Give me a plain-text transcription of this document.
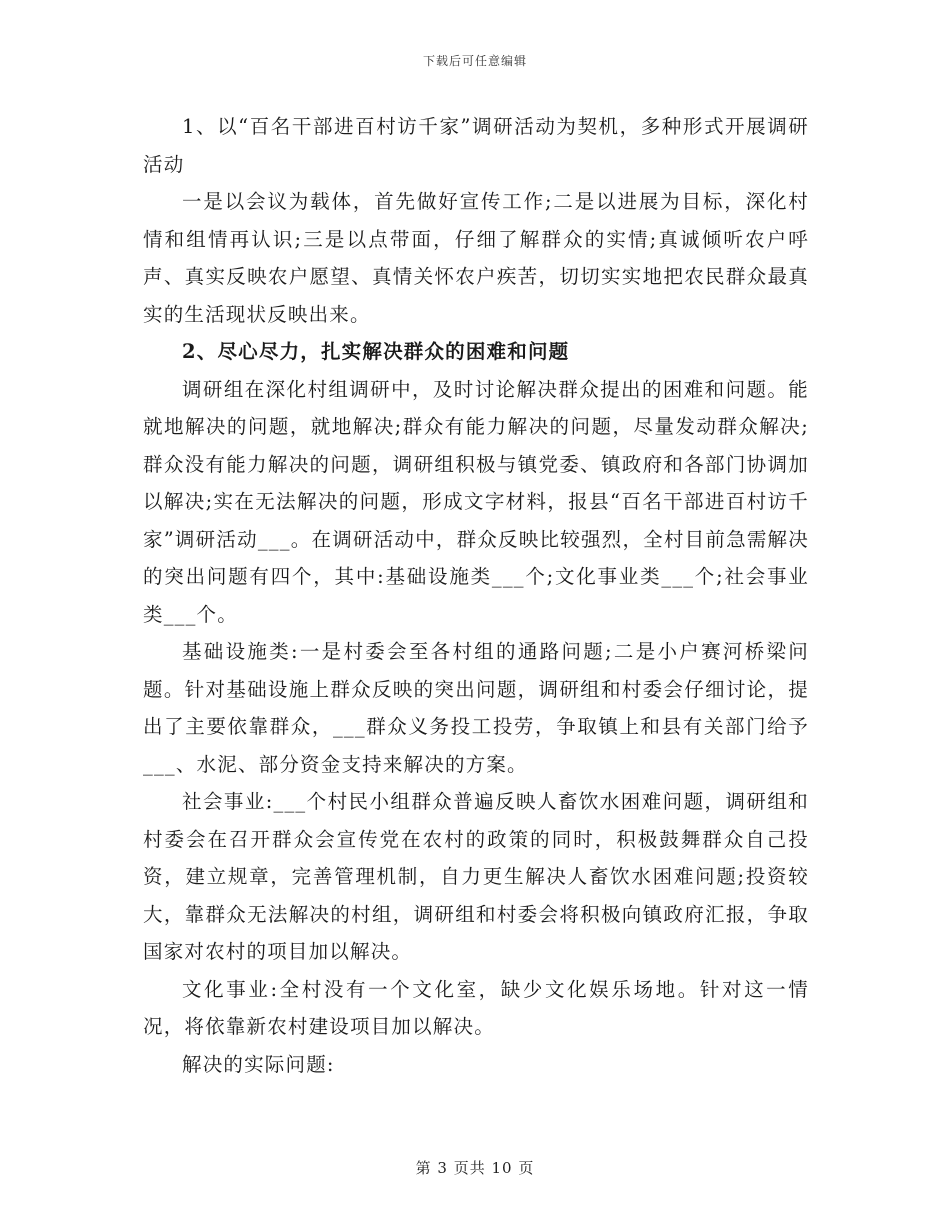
下载后可任意编辑

1、以“百名干部进百村访千家”调研活动为契机，多种形式开展调研活动

一是以会议为载体，首先做好宣传工作;二是以进展为目标，深化村情和组情再认识;三是以点带面，仔细了解群众的实情;真诚倾听农户呼声、真实反映农户愿望、真情关怀农户疾苦，切切实实地把农民群众最真实的生活现状反映出来。

2、尽心尽力，扎实解决群众的困难和问题

调研组在深化村组调研中，及时讨论解决群众提出的困难和问题。能就地解决的问题，就地解决;群众有能力解决的问题，尽量发动群众解决;群众没有能力解决的问题，调研组积极与镇党委、镇政府和各部门协调加以解决;实在无法解决的问题，形成文字材料，报县“百名干部进百村访千家”调研活动___。在调研活动中，群众反映比较强烈，全村目前急需解决的突出问题有四个，其中:基础设施类___个;文化事业类___个;社会事业类___个。

基础设施类:一是村委会至各村组的通路问题;二是小户赛河桥梁问题。针对基础设施上群众反映的突出问题，调研组和村委会仔细讨论，提出了主要依靠群众，___群众义务投工投劳，争取镇上和县有关部门给予___、水泥、部分资金支持来解决的方案。

社会事业:___个村民小组群众普遍反映人畜饮水困难问题，调研组和村委会在召开群众会宣传党在农村的政策的同时，积极鼓舞群众自己投资，建立规章，完善管理机制，自力更生解决人畜饮水困难问题;投资较大，靠群众无法解决的村组，调研组和村委会将积极向镇政府汇报，争取国家对农村的项目加以解决。

文化事业:全村没有一个文化室，缺少文化娱乐场地。针对这一情况，将依靠新农村建设项目加以解决。

解决的实际问题:

第 3 页共 10 页
